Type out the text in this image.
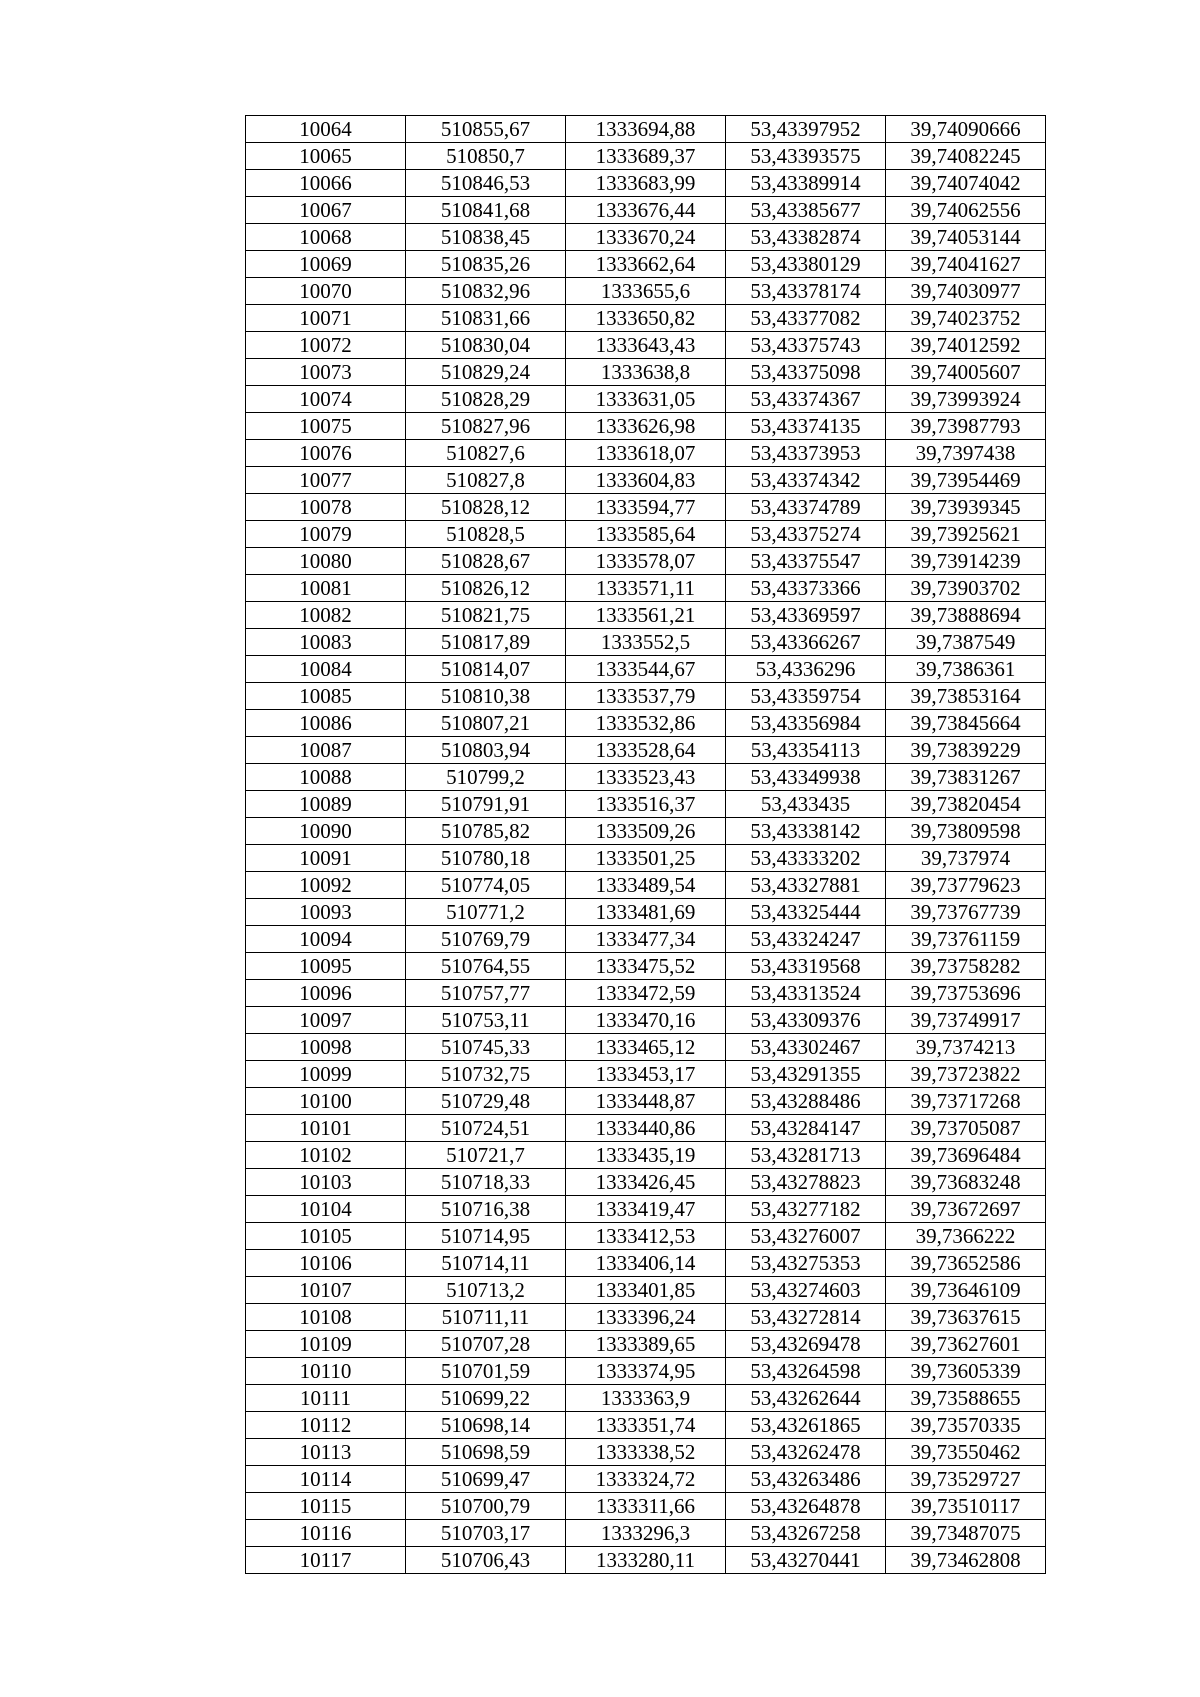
10064	510855,67	1333694,88	53,43397952	39,74090666
10065	510850,7	1333689,37	53,43393575	39,74082245
10066	510846,53	1333683,99	53,43389914	39,74074042
10067	510841,68	1333676,44	53,43385677	39,74062556
10068	510838,45	1333670,24	53,43382874	39,74053144
10069	510835,26	1333662,64	53,43380129	39,74041627
10070	510832,96	1333655,6	53,43378174	39,74030977
10071	510831,66	1333650,82	53,43377082	39,74023752
10072	510830,04	1333643,43	53,43375743	39,74012592
10073	510829,24	1333638,8	53,43375098	39,74005607
10074	510828,29	1333631,05	53,43374367	39,73993924
10075	510827,96	1333626,98	53,43374135	39,73987793
10076	510827,6	1333618,07	53,43373953	39,7397438
10077	510827,8	1333604,83	53,43374342	39,73954469
10078	510828,12	1333594,77	53,43374789	39,73939345
10079	510828,5	1333585,64	53,43375274	39,73925621
10080	510828,67	1333578,07	53,43375547	39,73914239
10081	510826,12	1333571,11	53,43373366	39,73903702
10082	510821,75	1333561,21	53,43369597	39,73888694
10083	510817,89	1333552,5	53,43366267	39,7387549
10084	510814,07	1333544,67	53,4336296	39,7386361
10085	510810,38	1333537,79	53,43359754	39,73853164
10086	510807,21	1333532,86	53,43356984	39,73845664
10087	510803,94	1333528,64	53,43354113	39,73839229
10088	510799,2	1333523,43	53,43349938	39,73831267
10089	510791,91	1333516,37	53,433435	39,73820454
10090	510785,82	1333509,26	53,43338142	39,73809598
10091	510780,18	1333501,25	53,43333202	39,737974
10092	510774,05	1333489,54	53,43327881	39,73779623
10093	510771,2	1333481,69	53,43325444	39,73767739
10094	510769,79	1333477,34	53,43324247	39,73761159
10095	510764,55	1333475,52	53,43319568	39,73758282
10096	510757,77	1333472,59	53,43313524	39,73753696
10097	510753,11	1333470,16	53,43309376	39,73749917
10098	510745,33	1333465,12	53,43302467	39,7374213
10099	510732,75	1333453,17	53,43291355	39,73723822
10100	510729,48	1333448,87	53,43288486	39,73717268
10101	510724,51	1333440,86	53,43284147	39,73705087
10102	510721,7	1333435,19	53,43281713	39,73696484
10103	510718,33	1333426,45	53,43278823	39,73683248
10104	510716,38	1333419,47	53,43277182	39,73672697
10105	510714,95	1333412,53	53,43276007	39,7366222
10106	510714,11	1333406,14	53,43275353	39,73652586
10107	510713,2	1333401,85	53,43274603	39,73646109
10108	510711,11	1333396,24	53,43272814	39,73637615
10109	510707,28	1333389,65	53,43269478	39,73627601
10110	510701,59	1333374,95	53,43264598	39,73605339
10111	510699,22	1333363,9	53,43262644	39,73588655
10112	510698,14	1333351,74	53,43261865	39,73570335
10113	510698,59	1333338,52	53,43262478	39,73550462
10114	510699,47	1333324,72	53,43263486	39,73529727
10115	510700,79	1333311,66	53,43264878	39,73510117
10116	510703,17	1333296,3	53,43267258	39,73487075
10117	510706,43	1333280,11	53,43270441	39,73462808
